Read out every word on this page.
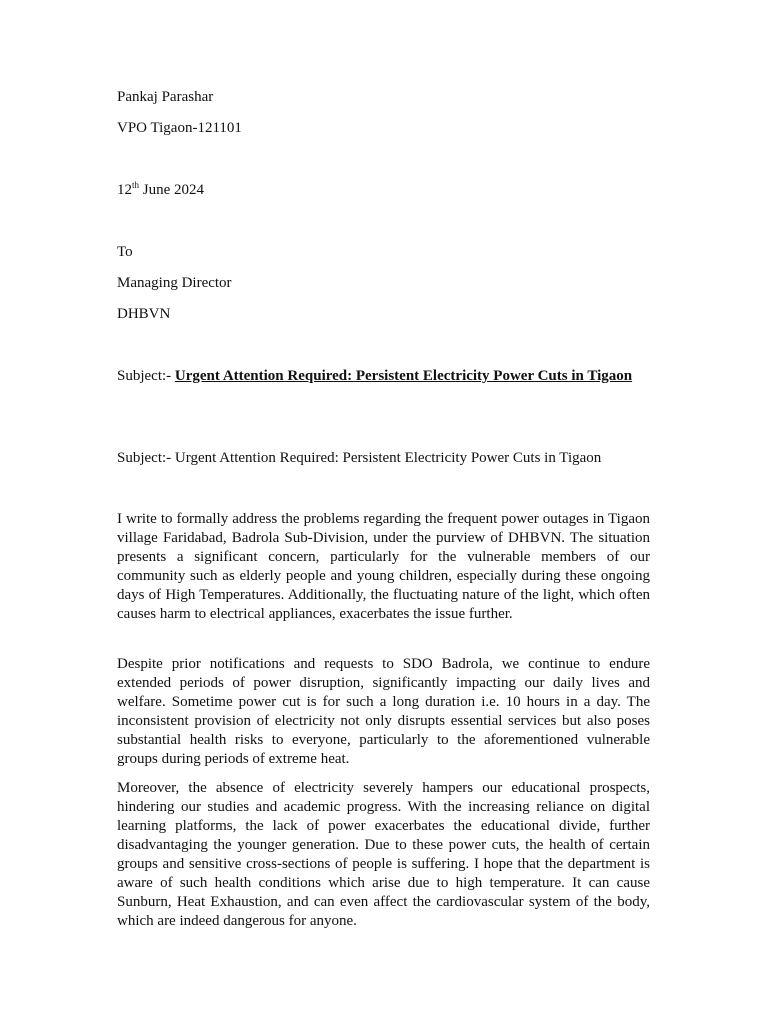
Pankaj Parashar
VPO Tigaon-121101
12th June 2024
To
Managing Director
DHBVN
Subject:- Urgent Attention Required: Persistent Electricity Power Cuts in Tigaon
Subject:- Urgent Attention Required: Persistent Electricity Power Cuts in Tigaon

I write to formally address the problems regarding the frequent power outages in Tigaon village Faridabad, Badrola Sub-Division, under the purview of DHBVN. The situation presents a significant concern, particularly for the vulnerable members of our community such as elderly people and young children, especially during these ongoing days of High Temperatures. Additionally, the fluctuating nature of the light, which often causes harm to electrical appliances, exacerbates the issue further.

Despite prior notifications and requests to SDO Badrola, we continue to endure extended periods of power disruption, significantly impacting our daily lives and welfare. Sometime power cut is for such a long duration i.e. 10 hours in a day. The inconsistent provision of electricity not only disrupts essential services but also poses substantial health risks to everyone, particularly to the aforementioned vulnerable groups during periods of extreme heat.

Moreover, the absence of electricity severely hampers our educational prospects, hindering our studies and academic progress. With the increasing reliance on digital learning platforms, the lack of power exacerbates the educational divide, further disadvantaging the younger generation. Due to these power cuts, the health of certain groups and sensitive cross-sections of people is suffering. I hope that the department is aware of such health conditions which arise due to high temperature. It can cause Sunburn, Heat Exhaustion, and can even affect the cardiovascular system of the body, which are indeed dangerous for anyone.
